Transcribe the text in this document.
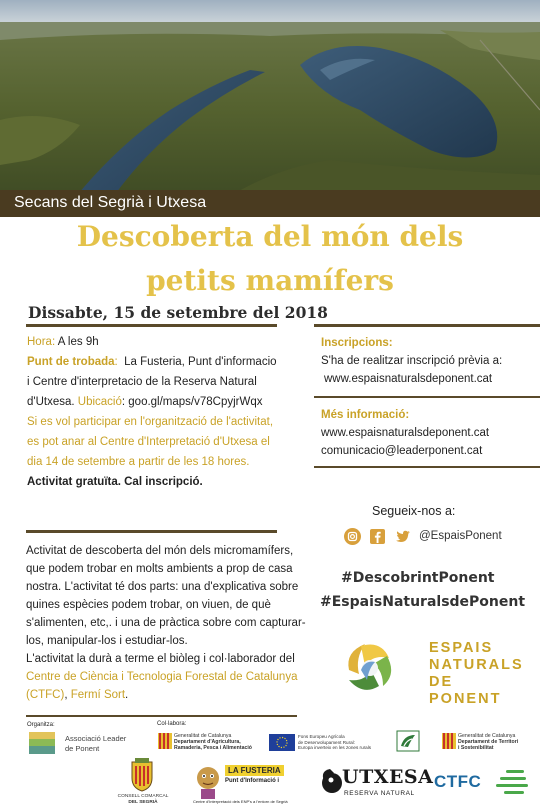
Secans del Segrià i Utxesa
Descoberta del món dels
petits mamífers
Dissabte, 15 de setembre del 2018
Hora: A les 9h
Punt de trobada: La Fusteria, Punt d'informacio i Centre d'interpretacio de la Reserva Natural d'Utxesa. Ubicació: goo.gl/maps/v78CpyjrWqx
Si es vol participar en l'organització de l'activitat, es pot anar al Centre d'Interpretació d'Utxesa el dia 14 de setembre a partir de les 18 hores.
Activitat gratuïta. Cal inscripció.
Activitat de descoberta del món dels micromamífers, que podem trobar en molts ambients a prop de casa nostra. L'activitat té dos parts: una d'explicativa sobre quines espècies podem trobar, on viuen, de què s'alimenten, etc,. i una de pràctica sobre com capturar-los, manipular-los i estudiar-los.
L'activitat la durà a terme el biòleg i col·laborador del Centre de Ciència i Tecnologia Forestal de Catalunya (CTFC), Fermí Sort.
Inscripcions:
S'ha de realitzar inscripció prèvia a:
www.espaisnaturalsdeponent.cat
Més informació:
www.espaisnaturalsdeponent.cat
comunicacio@leaderponent.cat
Segueix-nos a:
@EspaisPonent
#DescobrintPonent
#EspaisNaturalsdePonent
ESPAIS
NATURALS
DE PONENT
Organitza:	Col·labora:
Associació Leader
de Ponent
Generalitat de Catalunya
Departament d'Agricultura,
Ramaderia, Pesca i Alimentació
Fons Europeu Agrícola
de Desenvolupament Rural:
Europa inverteix en les zones rurals
Generalitat de Catalunya
Departament de Territori
i Sostenibilitat
CONSELL COMARCAL
DEL SEGRIÀ
LA FUSTERIA
Punt d'Informació i
Centre d'Interpretació dels ENP's a l'entorn de Segrià
UTXESA
RESERVA NATURAL
CTFC
